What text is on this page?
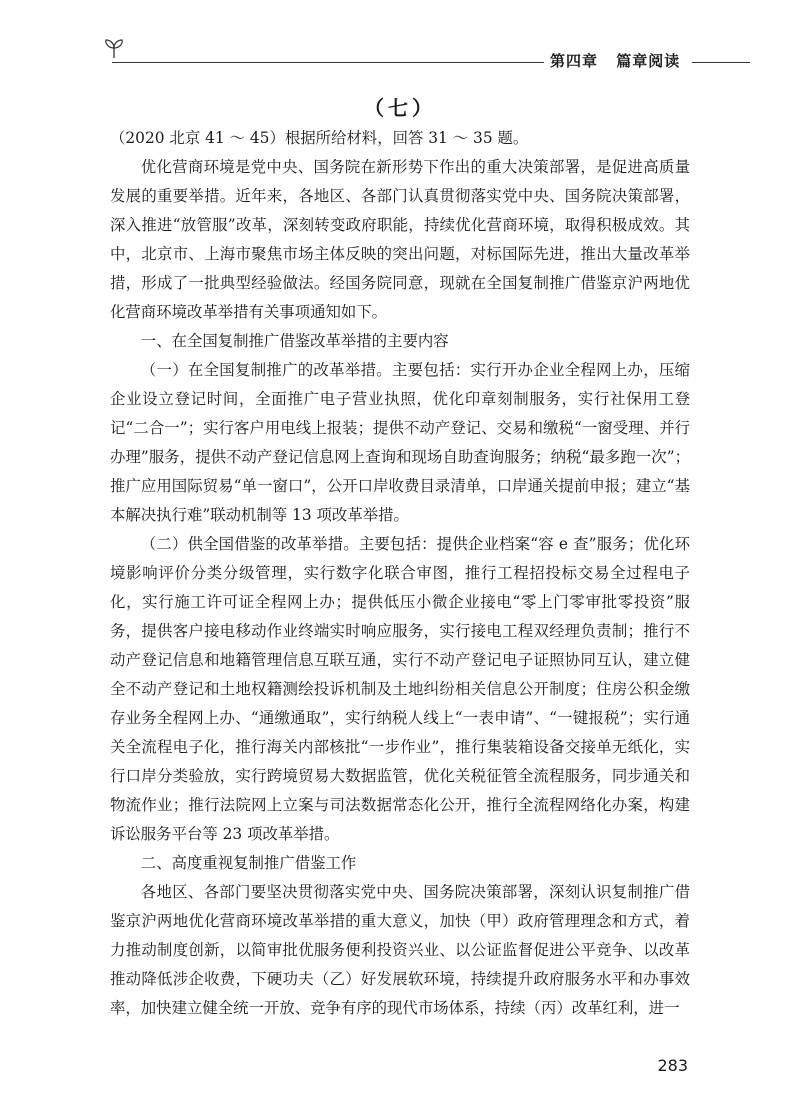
第四章 篇章阅读
（七）

（2020 北京 41 ～ 45）根据所给材料，回答 31 ～ 35 题。

优化营商环境是党中央、国务院在新形势下作出的重大决策部署，是促进高质量发展的重要举措。近年来，各地区、各部门认真贯彻落实党中央、国务院决策部署，深入推进“放管服”改革，深刻转变政府职能，持续优化营商环境，取得积极成效。其中，北京市、上海市聚焦市场主体反映的突出问题，对标国际先进，推出大量改革举措，形成了一批典型经验做法。经国务院同意，现就在全国复制推广借鉴京沪两地优化营商环境改革举措有关事项通知如下。

一、在全国复制推广借鉴改革举措的主要内容

（一）在全国复制推广的改革举措。主要包括：实行开办企业全程网上办，压缩企业设立登记时间，全面推广电子营业执照，优化印章刻制服务，实行社保用工登记“二合一”；实行客户用电线上报装；提供不动产登记、交易和缴税“一窗受理、并行办理”服务，提供不动产登记信息网上查询和现场自助查询服务；纳税“最多跑一次”；推广应用国际贸易“单一窗口”，公开口岸收费目录清单，口岸通关提前申报；建立“基本解决执行难”联动机制等 13 项改革举措。

（二）供全国借鉴的改革举措。主要包括：提供企业档案“容 e 查”服务；优化环境影响评价分类分级管理，实行数字化联合审图，推行工程招投标交易全过程电子化，实行施工许可证全程网上办；提供低压小微企业接电“零上门零审批零投资”服务，提供客户接电移动作业终端实时响应服务，实行接电工程双经理负责制；推行不动产登记信息和地籍管理信息互联互通，实行不动产登记电子证照协同互认，建立健全不动产登记和土地权籍测绘投诉机制及土地纠纷相关信息公开制度；住房公积金缴存业务全程网上办、“通缴通取”，实行纳税人线上“一表申请”、“一键报税”；实行通关全流程电子化，推行海关内部核批“一步作业”，推行集装箱设备交接单无纸化，实行口岸分类验放，实行跨境贸易大数据监管，优化关税征管全流程服务，同步通关和物流作业；推行法院网上立案与司法数据常态化公开，推行全流程网络化办案，构建诉讼服务平台等 23 项改革举措。

二、高度重视复制推广借鉴工作

各地区、各部门要坚决贯彻落实党中央、国务院决策部署，深刻认识复制推广借鉴京沪两地优化营商环境改革举措的重大意义，加快（甲）政府管理理念和方式，着力推动制度创新，以简审批优服务便利投资兴业、以公证监督促进公平竞争、以改革推动降低涉企收费，下硬功夫（乙）好发展软环境，持续提升政府服务水平和办事效率，加快建立健全统一开放、竞争有序的现代市场体系，持续（丙）改革红利，进一

283
